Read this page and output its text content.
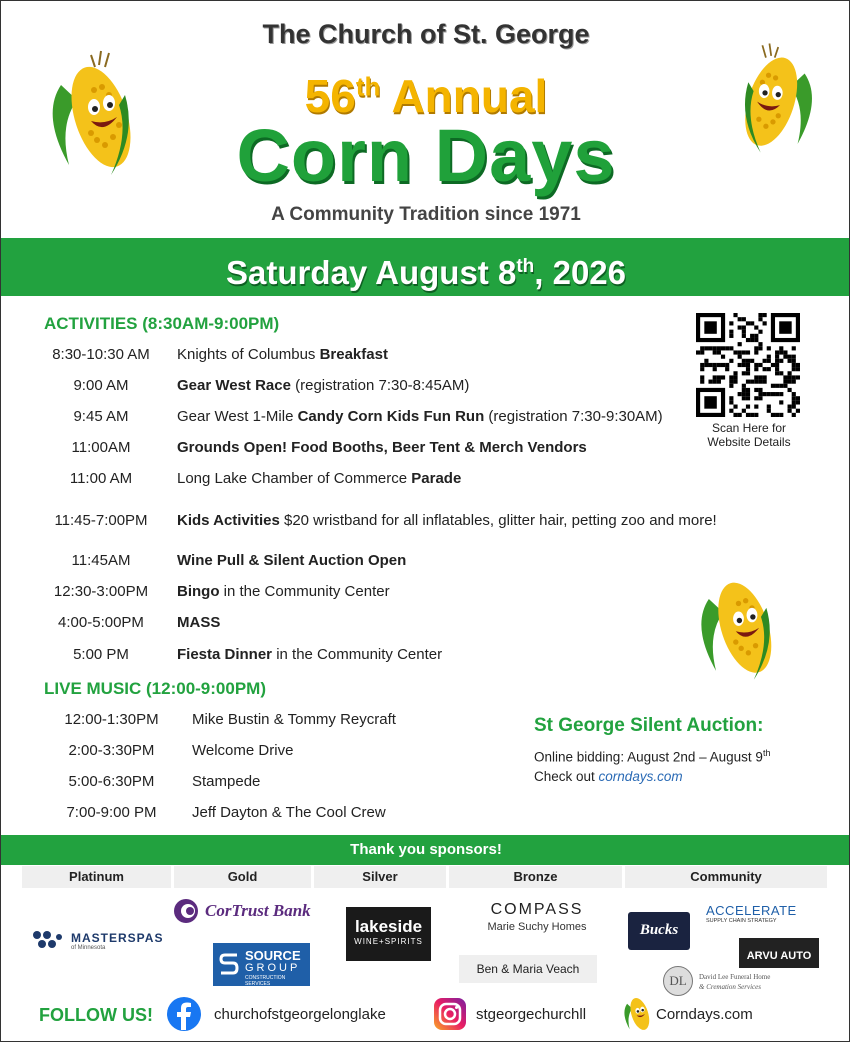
The Church of St. George
56th Annual
Corn Days
A Community Tradition since 1971
Saturday August 8th, 2026
ACTIVITIES (8:30AM-9:00PM)
8:30-10:30 AM	Knights of Columbus Breakfast
9:00 AM	Gear West Race (registration 7:30-8:45AM)
9:45 AM	Gear West 1-Mile Candy Corn Kids Fun Run (registration 7:30-9:30AM)
11:00AM	Grounds Open! Food Booths, Beer Tent & Merch Vendors
11:00 AM	Long Lake Chamber of Commerce Parade
11:45-7:00PM	Kids Activities $20 wristband for all inflatables, glitter hair, petting zoo and more!
11:45AM	Wine Pull & Silent Auction Open
12:30-3:00PM	Bingo in the Community Center
4:00-5:00PM	MASS
5:00 PM	Fiesta Dinner in the Community Center
Scan Here for
Website Details
LIVE MUSIC (12:00-9:00PM)
12:00-1:30PM	Mike Bustin & Tommy Reycraft
2:00-3:30PM	Welcome Drive
5:00-6:30PM	Stampede
7:00-9:00 PM	Jeff Dayton & The Cool Crew
St George Silent Auction:
Online bidding: August 2nd – August 9th
Check out corndays.com
Thank you sponsors!
Platinum	Gold	Silver	Bronze	Community
MASTERSPAS
of Minnesota
CorTrust Bank
SOURCE
GROUP
CONSTRUCTION SERVICES
lakeside
WINE+SPIRITS
COMPASS
Marie Suchy Homes
Ben & Maria Veach
Bucks
ACCELERATE
SUPPLY CHAIN STRATEGY
ARVU AUTO
DL	David Lee Funeral Home
& Cremation Services
FOLLOW US!	churchofstgeorgelonglake	stgeorgechurchll	Corndays.com
